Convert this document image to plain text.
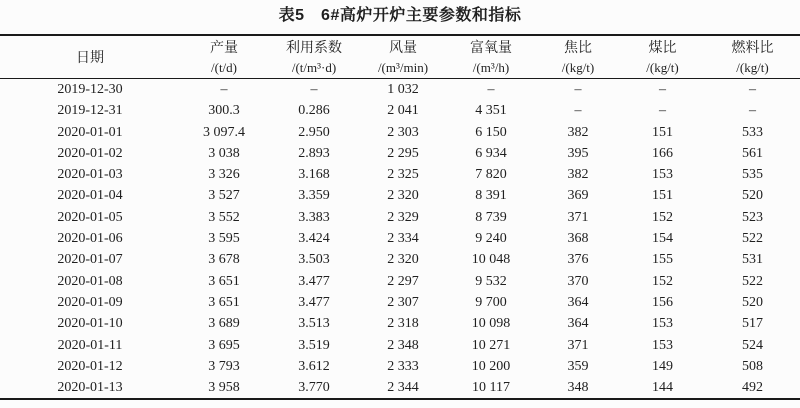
表5　6#高炉开炉主要参数和指标
日期	产量	利用系数	风量	富氧量	焦比	煤比	燃料比
	/(t/d)	/(t/m³·d)	/(m³/min)	/(m³/h)	/(kg/t)	/(kg/t)	/(kg/t)
2019-12-30	–	–	1 032	–	–	–	–
2019-12-31	300.3	0.286	2 041	4 351	–	–	–
2020-01-01	3 097.4	2.950	2 303	6 150	382	151	533
2020-01-02	3 038	2.893	2 295	6 934	395	166	561
2020-01-03	3 326	3.168	2 325	7 820	382	153	535
2020-01-04	3 527	3.359	2 320	8 391	369	151	520
2020-01-05	3 552	3.383	2 329	8 739	371	152	523
2020-01-06	3 595	3.424	2 334	9 240	368	154	522
2020-01-07	3 678	3.503	2 320	10 048	376	155	531
2020-01-08	3 651	3.477	2 297	9 532	370	152	522
2020-01-09	3 651	3.477	2 307	9 700	364	156	520
2020-01-10	3 689	3.513	2 318	10 098	364	153	517
2020-01-11	3 695	3.519	2 348	10 271	371	153	524
2020-01-12	3 793	3.612	2 333	10 200	359	149	508
2020-01-13	3 958	3.770	2 344	10 117	348	144	492
